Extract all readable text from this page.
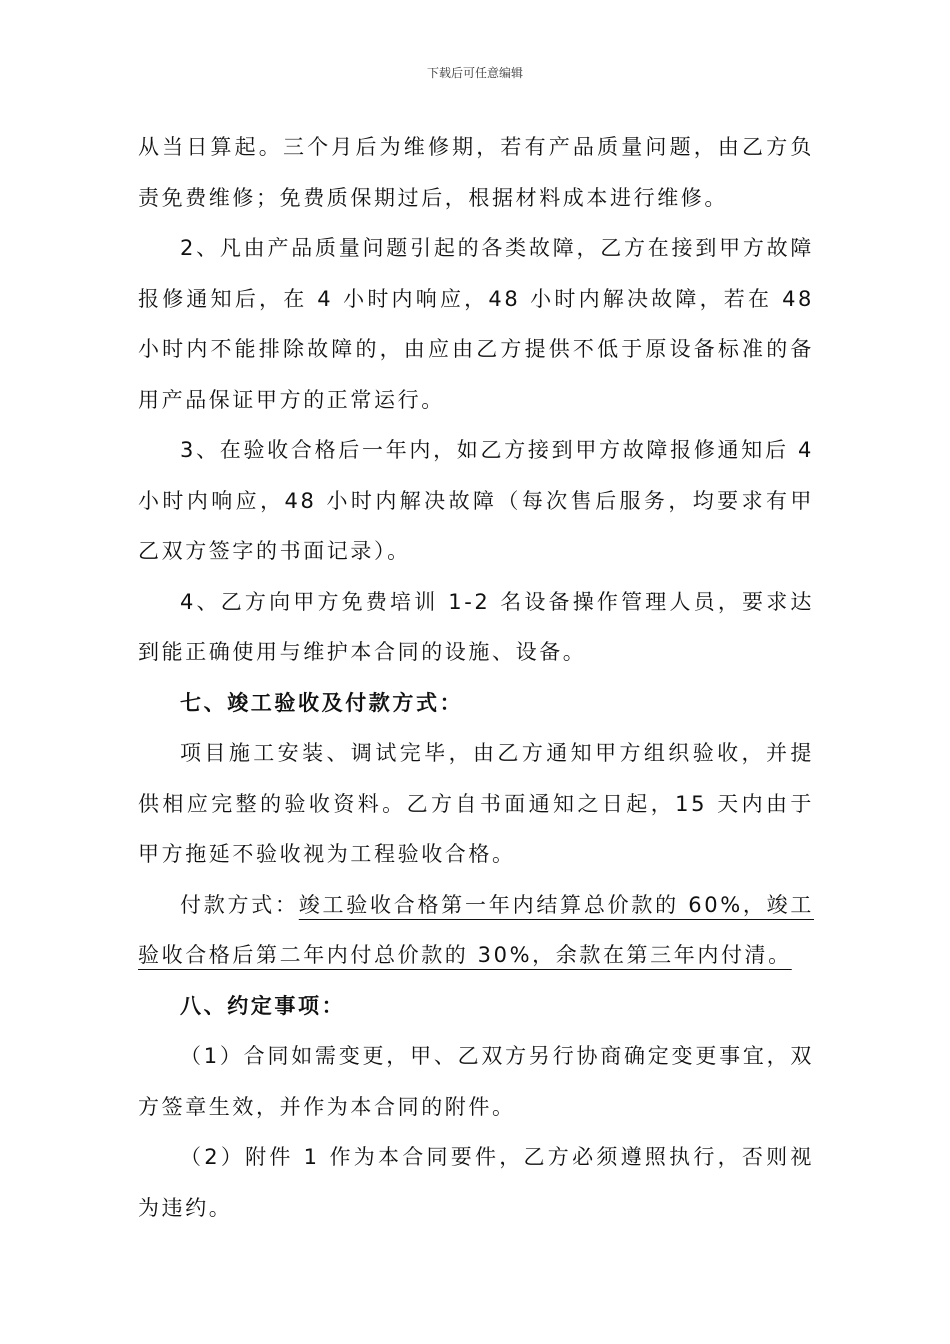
下载后可任意编辑

从当日算起。三个月后为维修期，若有产品质量问题，由乙方负责免费维修；免费质保期过后，根据材料成本进行维修。

2、凡由产品质量问题引起的各类故障，乙方在接到甲方故障报修通知后，在 4 小时内响应，48 小时内解决故障，若在 48 小时内不能排除故障的，由应由乙方提供不低于原设备标准的备用产品保证甲方的正常运行。

3、在验收合格后一年内，如乙方接到甲方故障报修通知后 4 小时内响应，48 小时内解决故障（每次售后服务，均要求有甲乙双方签字的书面记录）。

4、乙方向甲方免费培训 1-2 名设备操作管理人员，要求达到能正确使用与维护本合同的设施、设备。

七、竣工验收及付款方式：

项目施工安装、调试完毕，由乙方通知甲方组织验收，并提供相应完整的验收资料。乙方自书面通知之日起，15 天内由于甲方拖延不验收视为工程验收合格。

付款方式：竣工验收合格第一年内结算总价款的 60%，竣工验收合格后第二年内付总价款的 30%，余款在第三年内付清。

八、约定事项：

（1）合同如需变更，甲、乙双方另行协商确定变更事宜，双方签章生效，并作为本合同的附件。

（2）附件 1 作为本合同要件，乙方必须遵照执行，否则视为违约。
